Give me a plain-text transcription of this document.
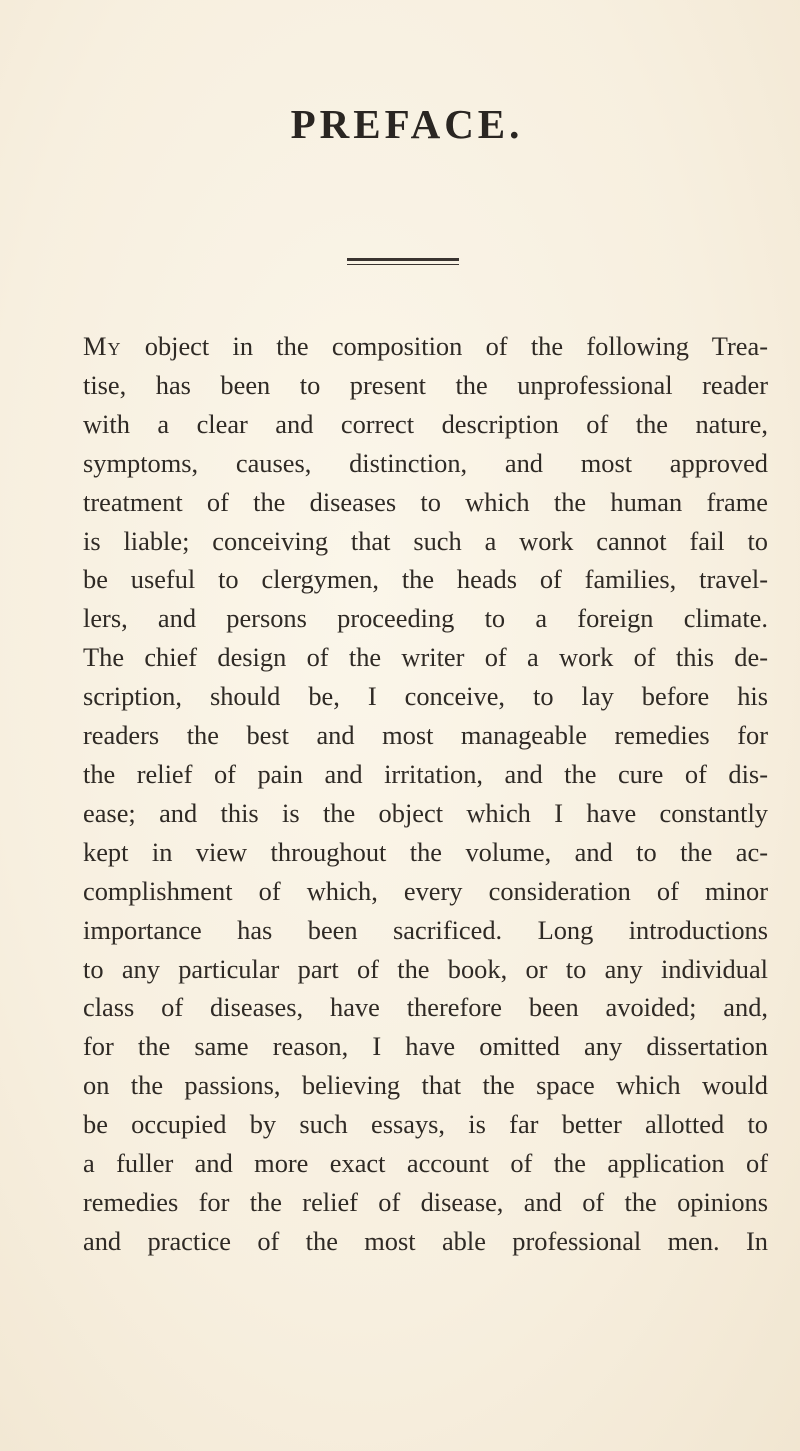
PREFACE.
My object in the composition of the following Trea-
tise, has been to present the unprofessional reader
with a clear and correct description of the nature,
symptoms, causes, distinction, and most approved
treatment of the diseases to which the human frame
is liable; conceiving that such a work cannot fail to
be useful to clergymen, the heads of families, travel-
lers, and persons proceeding to a foreign climate.
The chief design of the writer of a work of this de-
scription, should be, I conceive, to lay before his
readers the best and most manageable remedies for
the relief of pain and irritation, and the cure of dis-
ease; and this is the object which I have constantly
kept in view throughout the volume, and to the ac-
complishment of which, every consideration of minor
importance has been sacrificed. Long introductions
to any particular part of the book, or to any individual
class of diseases, have therefore been avoided; and,
for the same reason, I have omitted any dissertation
on the passions, believing that the space which would
be occupied by such essays, is far better allotted to
a fuller and more exact account of the application of
remedies for the relief of disease, and of the opinions
and practice of the most able professional men. In
